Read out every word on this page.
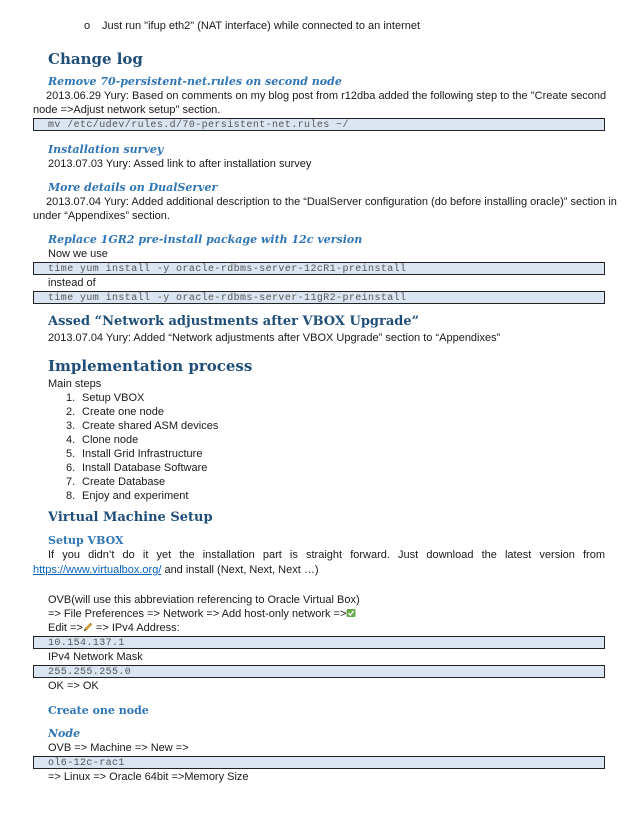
o Just run "ifup eth2" (NAT interface) while connected to an internet
Change log
Remove 70-persistent-net.rules on second node
2013.06.29 Yury: Based on comments on my blog post from r12dba added the following step to the "Create second
node =>Adjust network setup" section.
mv /etc/udev/rules.d/70-persistent-net.rules ~/
Installation survey
2013.07.03 Yury: Assed link to after installation survey
More details on DualServer
2013.07.04 Yury: Added additional description to the “DualServer configuration (do before installing oracle)” section in
under “Appendixes” section.
Replace 1GR2 pre-install package with 12c version
Now we use
time yum install -y oracle-rdbms-server-12cR1-preinstall
instead of
time yum install -y oracle-rdbms-server-11gR2-preinstall
Assed “Network adjustments after VBOX Upgrade”
2013.07.04 Yury: Added “Network adjustments after VBOX Upgrade” section to “Appendixes”
Implementation process
Main steps
1. Setup VBOX
2. Create one node
3. Create shared ASM devices
4. Clone node
5. Install Grid Infrastructure
6. Install Database Software
7. Create Database
8. Enjoy and experiment
Virtual Machine Setup
Setup VBOX
If you didn’t do it yet the installation part is straight forward. Just download the latest version from
https://www.virtualbox.org/ and install (Next, Next, Next …)
OVB(will use this abbreviation referencing to Oracle Virtual Box)
=> File Preferences => Network => Add host-only network =>
Edit => => IPv4 Address:
10.154.137.1
IPv4 Network Mask
255.255.255.0
OK => OK
Create one node
Node
OVB => Machine => New =>
ol6-12c-rac1
=> Linux => Oracle 64bit =>Memory Size
